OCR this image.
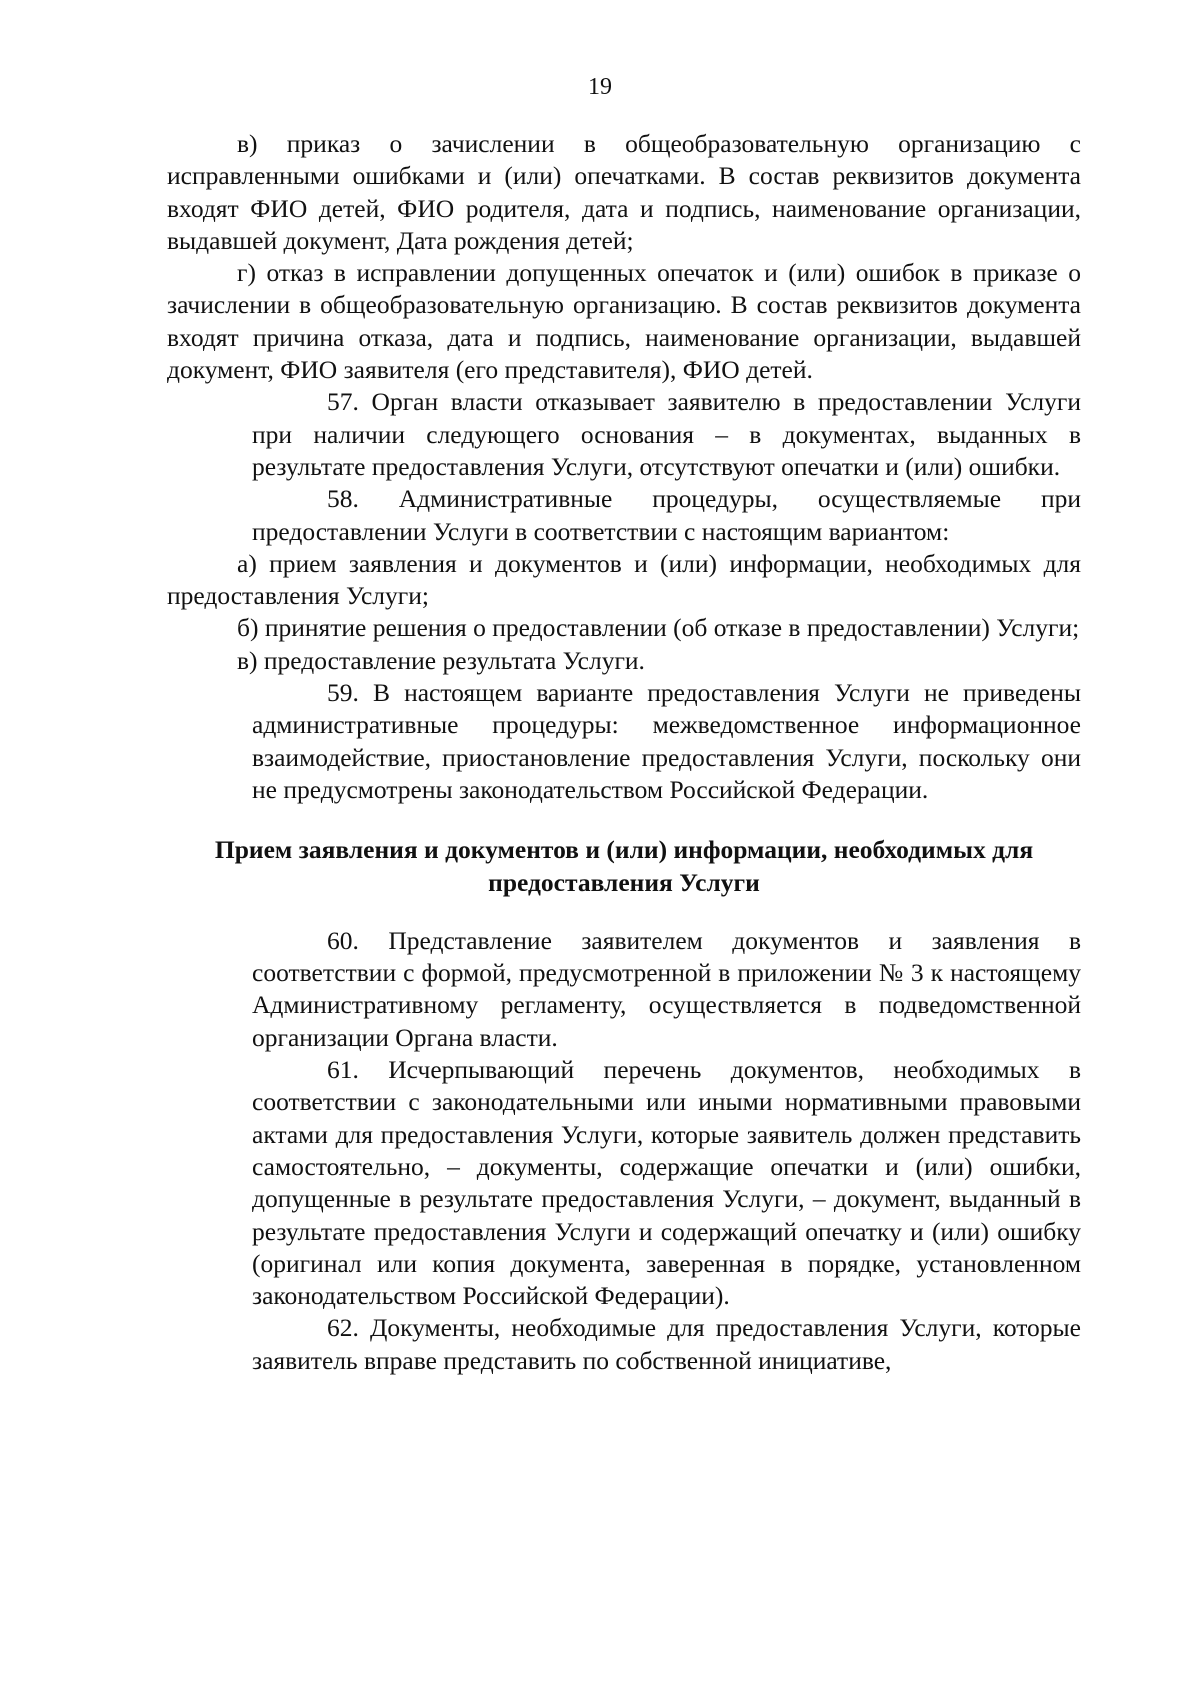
19

в) приказ о зачислении в общеобразовательную организацию с исправленными ошибками и (или) опечатками. В состав реквизитов документа входят ФИО детей, ФИО родителя, дата и подпись, наименование организации, выдавшей документ, Дата рождения детей;

г) отказ в исправлении допущенных опечаток и (или) ошибок в приказе о зачислении в общеобразовательную организацию. В состав реквизитов документа входят причина отказа, дата и подпись, наименование организации, выдавшей документ, ФИО заявителя (его представителя), ФИО детей.

57. Орган власти отказывает заявителю в предоставлении Услуги при наличии следующего основания – в документах, выданных в результате предоставления Услуги, отсутствуют опечатки и (или) ошибки.

58. Административные процедуры, осуществляемые при предоставлении Услуги в соответствии с настоящим вариантом:

а) прием заявления и документов и (или) информации, необходимых для предоставления Услуги;

б) принятие решения о предоставлении (об отказе в предоставлении) Услуги;

в) предоставление результата Услуги.

59. В настоящем варианте предоставления Услуги не приведены административные процедуры: межведомственное информационное взаимодействие, приостановление предоставления Услуги, поскольку они не предусмотрены законодательством Российской Федерации.

Прием заявления и документов и (или) информации, необходимых для предоставления Услуги

60. Представление заявителем документов и заявления в соответствии с формой, предусмотренной в приложении № 3 к настоящему Административному регламенту, осуществляется в подведомственной организации Органа власти.

61. Исчерпывающий перечень документов, необходимых в соответствии с законодательными или иными нормативными правовыми актами для предоставления Услуги, которые заявитель должен представить самостоятельно, – документы, содержащие опечатки и (или) ошибки, допущенные в результате предоставления Услуги, – документ, выданный в результате предоставления Услуги и содержащий опечатку и (или) ошибку (оригинал или копия документа, заверенная в порядке, установленном законодательством Российской Федерации).

62. Документы, необходимые для предоставления Услуги, которые заявитель вправе представить по собственной инициативе,
